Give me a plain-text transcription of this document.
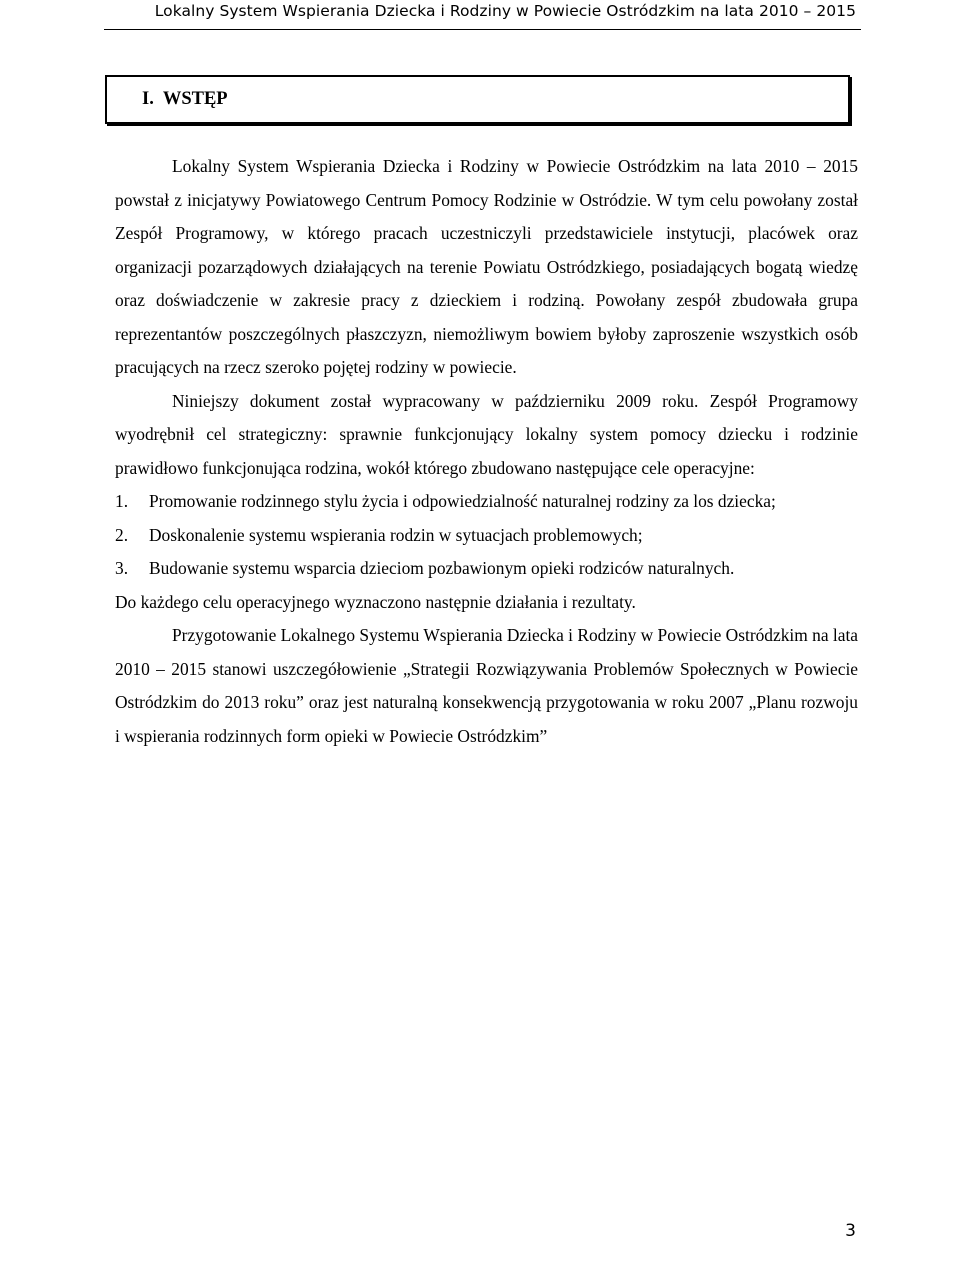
Lokalny System Wspierania Dziecka i Rodziny w Powiecie Ostródzkim na lata 2010 – 2015
I. WSTĘP

Lokalny System Wspierania Dziecka i Rodziny w Powiecie Ostródzkim na lata 2010 – 2015 powstał z inicjatywy Powiatowego Centrum Pomocy Rodzinie w Ostródzie. W tym celu powołany został Zespół Programowy, w którego pracach uczestniczyli przedstawiciele instytucji, placówek oraz organizacji pozarządowych działających na terenie Powiatu Ostródzkiego, posiadających bogatą wiedzę oraz doświadczenie w zakresie pracy z dzieckiem i rodziną. Powołany zespół zbudowała grupa reprezentantów poszczególnych płaszczyzn, niemożliwym bowiem byłoby zaproszenie wszystkich osób pracujących na rzecz szeroko pojętej rodziny w powiecie.

Niniejszy dokument został wypracowany w październiku 2009 roku. Zespół Programowy wyodrębnił cel strategiczny: sprawnie funkcjonujący lokalny system pomocy dziecku i rodzinie prawidłowo funkcjonująca rodzina, wokół którego zbudowano następujące cele operacyjne:

1.	Promowanie rodzinnego stylu życia i odpowiedzialność naturalnej rodziny za los dziecka;
2.	Doskonalenie systemu wspierania rodzin w sytuacjach problemowych;
3.	Budowanie systemu wsparcia dzieciom pozbawionym opieki rodziców naturalnych.

Do każdego celu operacyjnego wyznaczono następnie działania i rezultaty.

Przygotowanie Lokalnego Systemu Wspierania Dziecka i Rodziny w Powiecie Ostródzkim na lata 2010 – 2015 stanowi uszczegółowienie „Strategii Rozwiązywania Problemów Społecznych w Powiecie Ostródzkim do 2013 roku” oraz jest naturalną konsekwencją przygotowania w roku 2007 „Planu rozwoju i wspierania rodzinnych form opieki w Powiecie Ostródzkim”

3
